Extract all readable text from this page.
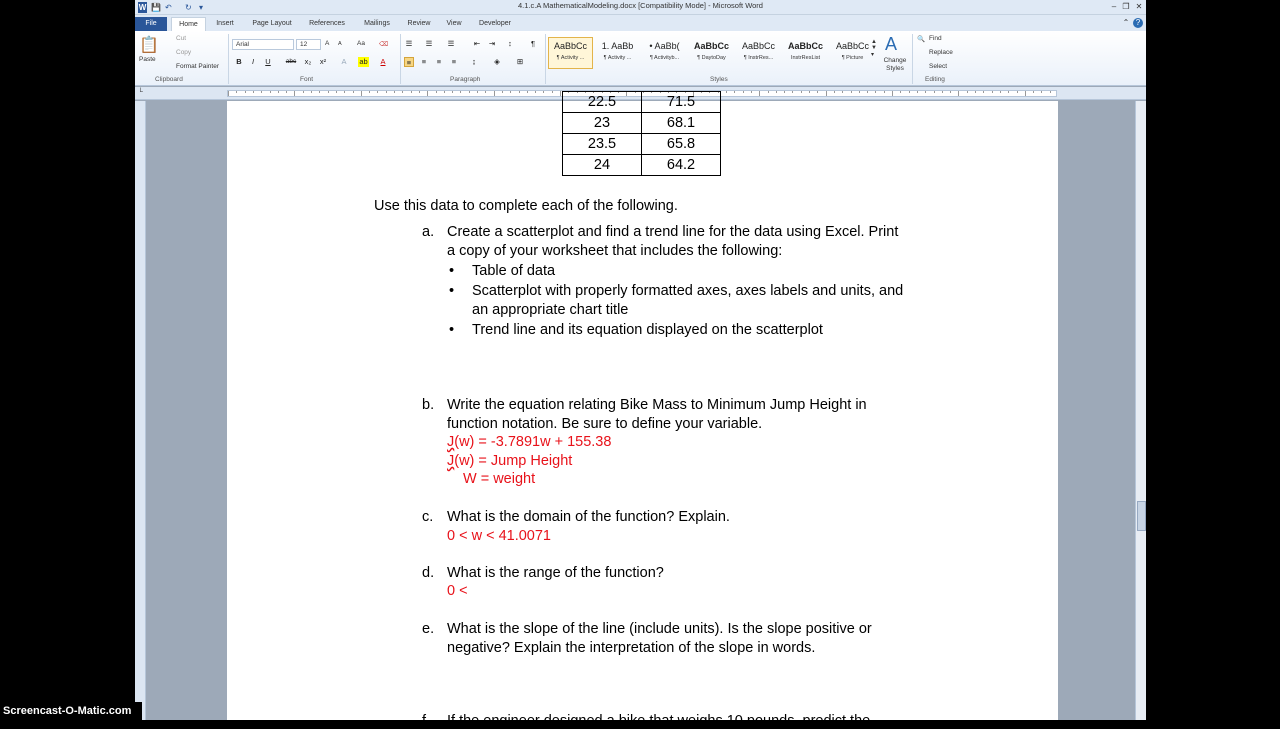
W 💾 ↶ ↻ ▾	4.1.c.A MathematicalModeling.docx [Compatibility Mode] - Microsoft Word	– ❐ ✕
File	Home	Insert	Page Layout	References	Mailings	Review	View	Developer	⌃ ?
📋
Paste
Cut
Copy
Format Painter
Clipboard
Arial	12	A A Aa ⌫
B	I	U	abc	x₂	x²	A	ab	A
Font
☰ ☰ ☰	⇤ ⇥	↕	¶
≡	≡	≡	≡	↨	◈ ⊞
Paragraph
AaBbCc
¶ Activity ...
1. AaBb
¶ Activity ...
• AaBb(
¶ Activityb...
AaBbCc
¶ DaytoDay
AaBbCc
¶ InstrRes...
AaBbCc
InstrResList
AaBbCc
¶ Picture
▲
▼
▾
A
Change Styles
Styles
🔍 Find
Replace
Select
Editing
└
22.5	71.5
23	68.1
23.5	65.8
24	64.2
Use this data to complete each of the following.
a. Create a scatterplot and find a trend line for the data using Excel. Print
a copy of your worksheet that includes the following:
• Table of data
• Scatterplot with properly formatted axes, axes labels and units, and
an appropriate chart title
• Trend line and its equation displayed on the scatterplot
b. Write the equation relating Bike Mass to Minimum Jump Height in
function notation. Be sure to define your variable.
J(w) = -3.7891w + 155.38
J(w) = Jump Height
W = weight
c. What is the domain of the function? Explain.
0 < w < 41.0071
d. What is the range of the function?
0 <
e. What is the slope of the line (include units). Is the slope positive or
negative? Explain the interpretation of the slope in words.
f. If the engineer designed a bike that weighs 10 pounds, predict the
Screencast-O-Matic.com
